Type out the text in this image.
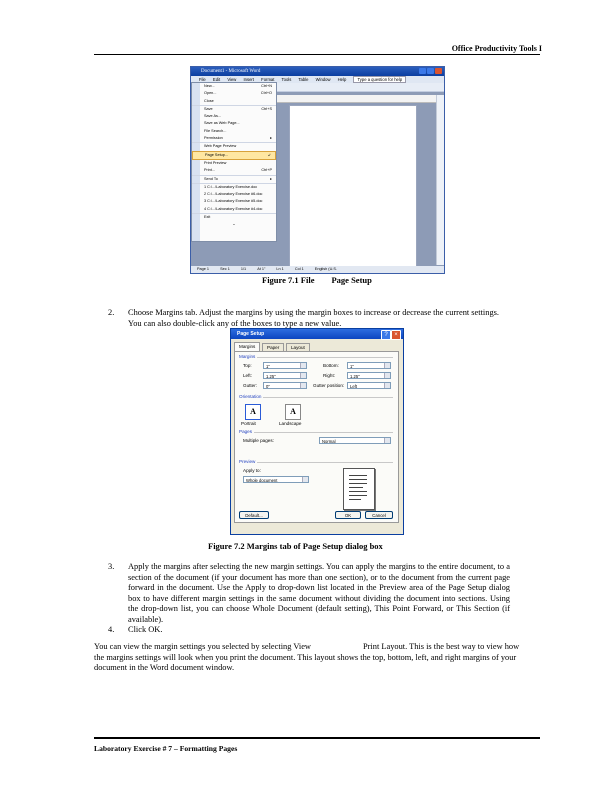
Office Productivity Tools I
Document1 - Microsoft Word
File Edit View Insert Format Tools Table Window Help	Type a question for help
New...	Ctrl+N
Open...	Ctrl+O
Close
Save	Ctrl+S
Save As...
Save as Web Page...
File Search...
Permission	▸
Web Page Preview
Page Setup...	➹
Print Preview
Print...	Ctrl+P
Send To	▸
1 C:\...\Laboratory Exercise.doc
2 C:\...\Laboratory Exercise #6.doc
3 C:\...\Laboratory Exercise #5.doc
4 C:\...\Laboratory Exercise #4.doc
Exit
⌄
Page 1	Sec 1	1/1	At 1"	Ln 1	Col 1	English (U.S.
Figure 7.1 File        Page Setup
2. Choose Margins tab. Adjust the margins by using the margin boxes to increase or decrease the current settings. You can also double-click any of the boxes to type a new value.
Page Setup	?	×
Margins	Paper	Layout
Margins
Top:	1"	Bottom:	1"
Left:	1.25"	Right:	1.25"
Gutter:	0"	Gutter position:	Left
Orientation
A
Portrait
A
Landscape
Pages
Multiple pages:	Normal
Preview
Apply to:
Whole document
Default...	OK	Cancel
Figure 7.2 Margins tab of Page Setup dialog box
3. Apply the margins after selecting the new margin settings. You can apply the margins to the entire document, to a section of the document (if your document has more than one section), or to the document from the current page forward in the document. Use the Apply to drop-down list located in the Preview area of the Page Setup dialog box to have different margin settings in the same document without dividing the document into sections. Using the drop-down list, you can choose Whole Document (default setting), This Point Forward, or This Section (if available).
4. Click OK.
You can view the margin settings you selected by selecting View	Print Layout. This is the best way to view how the margins settings will look when you print the document. This layout shows the top, bottom, left, and right margins of your document in the Word document window.
Laboratory Exercise # 7 – Formatting Pages
